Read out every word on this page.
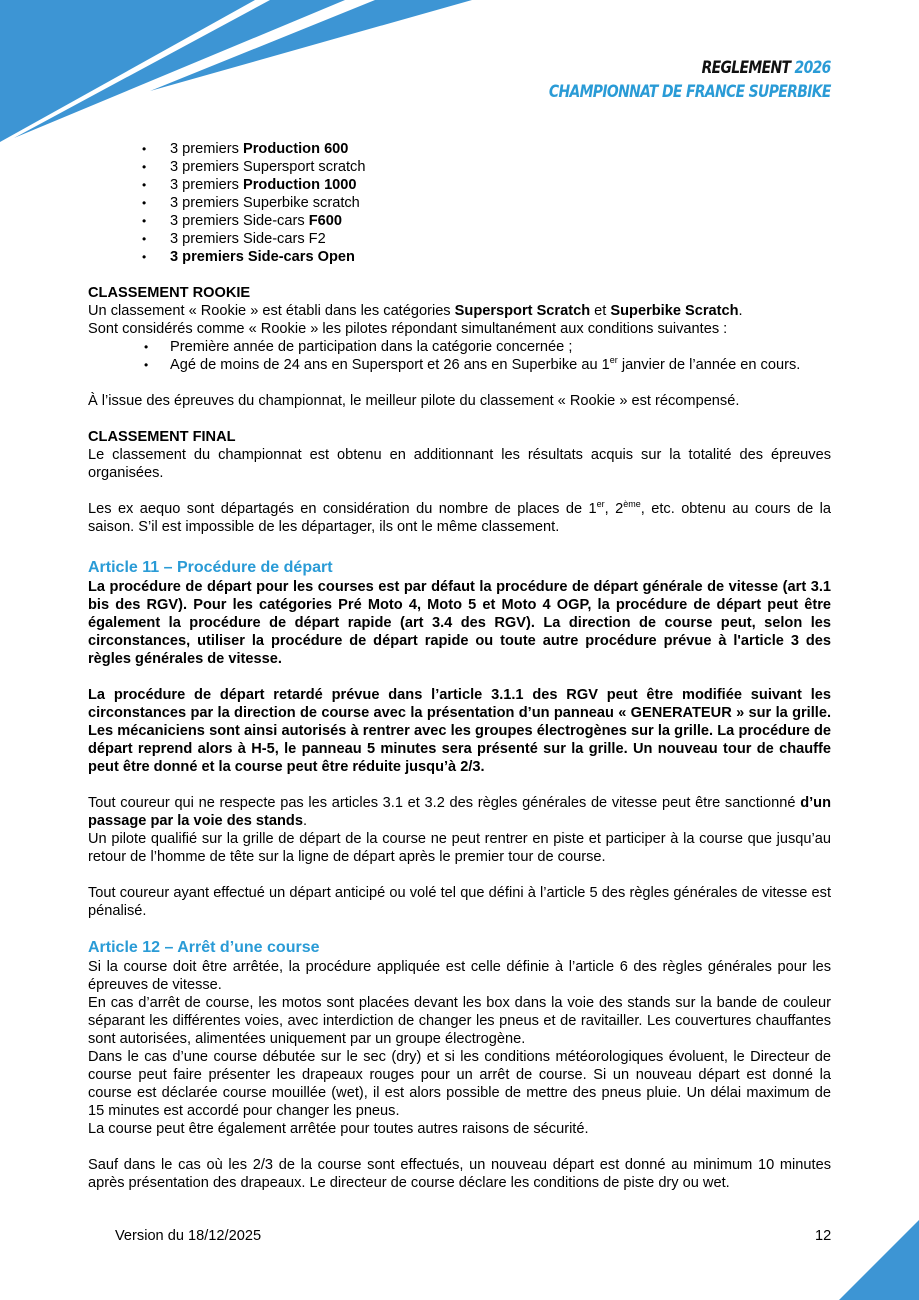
REGLEMENT 2026
CHAMPIONNAT DE FRANCE SUPERBIKE
• 3 premiers Production 600
• 3 premiers Supersport scratch
• 3 premiers Production 1000
• 3 premiers Superbike scratch
• 3 premiers Side-cars F600
• 3 premiers Side-cars F2
• 3 premiers Side-cars Open
CLASSEMENT ROOKIE

Un classement « Rookie » est établi dans les catégories Supersport Scratch et Superbike Scratch.

Sont considérés comme « Rookie » les pilotes répondant simultanément aux conditions suivantes :

• Première année de participation dans la catégorie concernée ;
• Agé de moins de 24 ans en Supersport et 26 ans en Superbike au 1er janvier de l’année en cours.

À l’issue des épreuves du championnat, le meilleur pilote du classement « Rookie » est récompensé.

CLASSEMENT FINAL

Le classement du championnat est obtenu en additionnant les résultats acquis sur la totalité des épreuves organisées.

Les ex aequo sont départagés en considération du nombre de places de 1er, 2ème, etc. obtenu au cours de la saison. S’il est impossible de les départager, ils ont le même classement.

Article 11 – Procédure de départ

La procédure de départ pour les courses est par défaut la procédure de départ générale de vitesse (art 3.1 bis des RGV). Pour les catégories Pré Moto 4, Moto 5 et Moto 4 OGP, la procédure de départ peut être également la procédure de départ rapide (art 3.4 des RGV). La direction de course peut, selon les circonstances, utiliser la procédure de départ rapide ou toute autre procédure prévue à l'article 3 des règles générales de vitesse.

La procédure de départ retardé prévue dans l’article 3.1.1 des RGV peut être modifiée suivant les circonstances par la direction de course avec la présentation d’un panneau « GENERATEUR » sur la grille. Les mécaniciens sont ainsi autorisés à rentrer avec les groupes électrogènes sur la grille. La procédure de départ reprend alors à H-5, le panneau 5 minutes sera présenté sur la grille. Un nouveau tour de chauffe peut être donné et la course peut être réduite jusqu’à 2/3.

Tout coureur qui ne respecte pas les articles 3.1 et 3.2 des règles générales de vitesse peut être sanctionné d’un passage par la voie des stands.

Un pilote qualifié sur la grille de départ de la course ne peut rentrer en piste et participer à la course que jusqu’au retour de l’homme de tête sur la ligne de départ après le premier tour de course.

Tout coureur ayant effectué un départ anticipé ou volé tel que défini à l’article 5 des règles générales de vitesse est pénalisé.

Article 12 – Arrêt d’une course

Si la course doit être arrêtée, la procédure appliquée est celle définie à l’article 6 des règles générales pour les épreuves de vitesse.

En cas d’arrêt de course, les motos sont placées devant les box dans la voie des stands sur la bande de couleur séparant les différentes voies, avec interdiction de changer les pneus et de ravitailler. Les couvertures chauffantes sont autorisées, alimentées uniquement par un groupe électrogène.

Dans le cas d’une course débutée sur le sec (dry) et si les conditions météorologiques évoluent, le Directeur de course peut faire présenter les drapeaux rouges pour un arrêt de course. Si un nouveau départ est donné la course est déclarée course mouillée (wet), il est alors possible de mettre des pneus pluie. Un délai maximum de 15 minutes est accordé pour changer les pneus.

La course peut être également arrêtée pour toutes autres raisons de sécurité.

Sauf dans le cas où les 2/3 de la course sont effectués, un nouveau départ est donné au minimum 10 minutes après présentation des drapeaux. Le directeur de course déclare les conditions de piste dry ou wet.

Version du 18/12/2025	12
